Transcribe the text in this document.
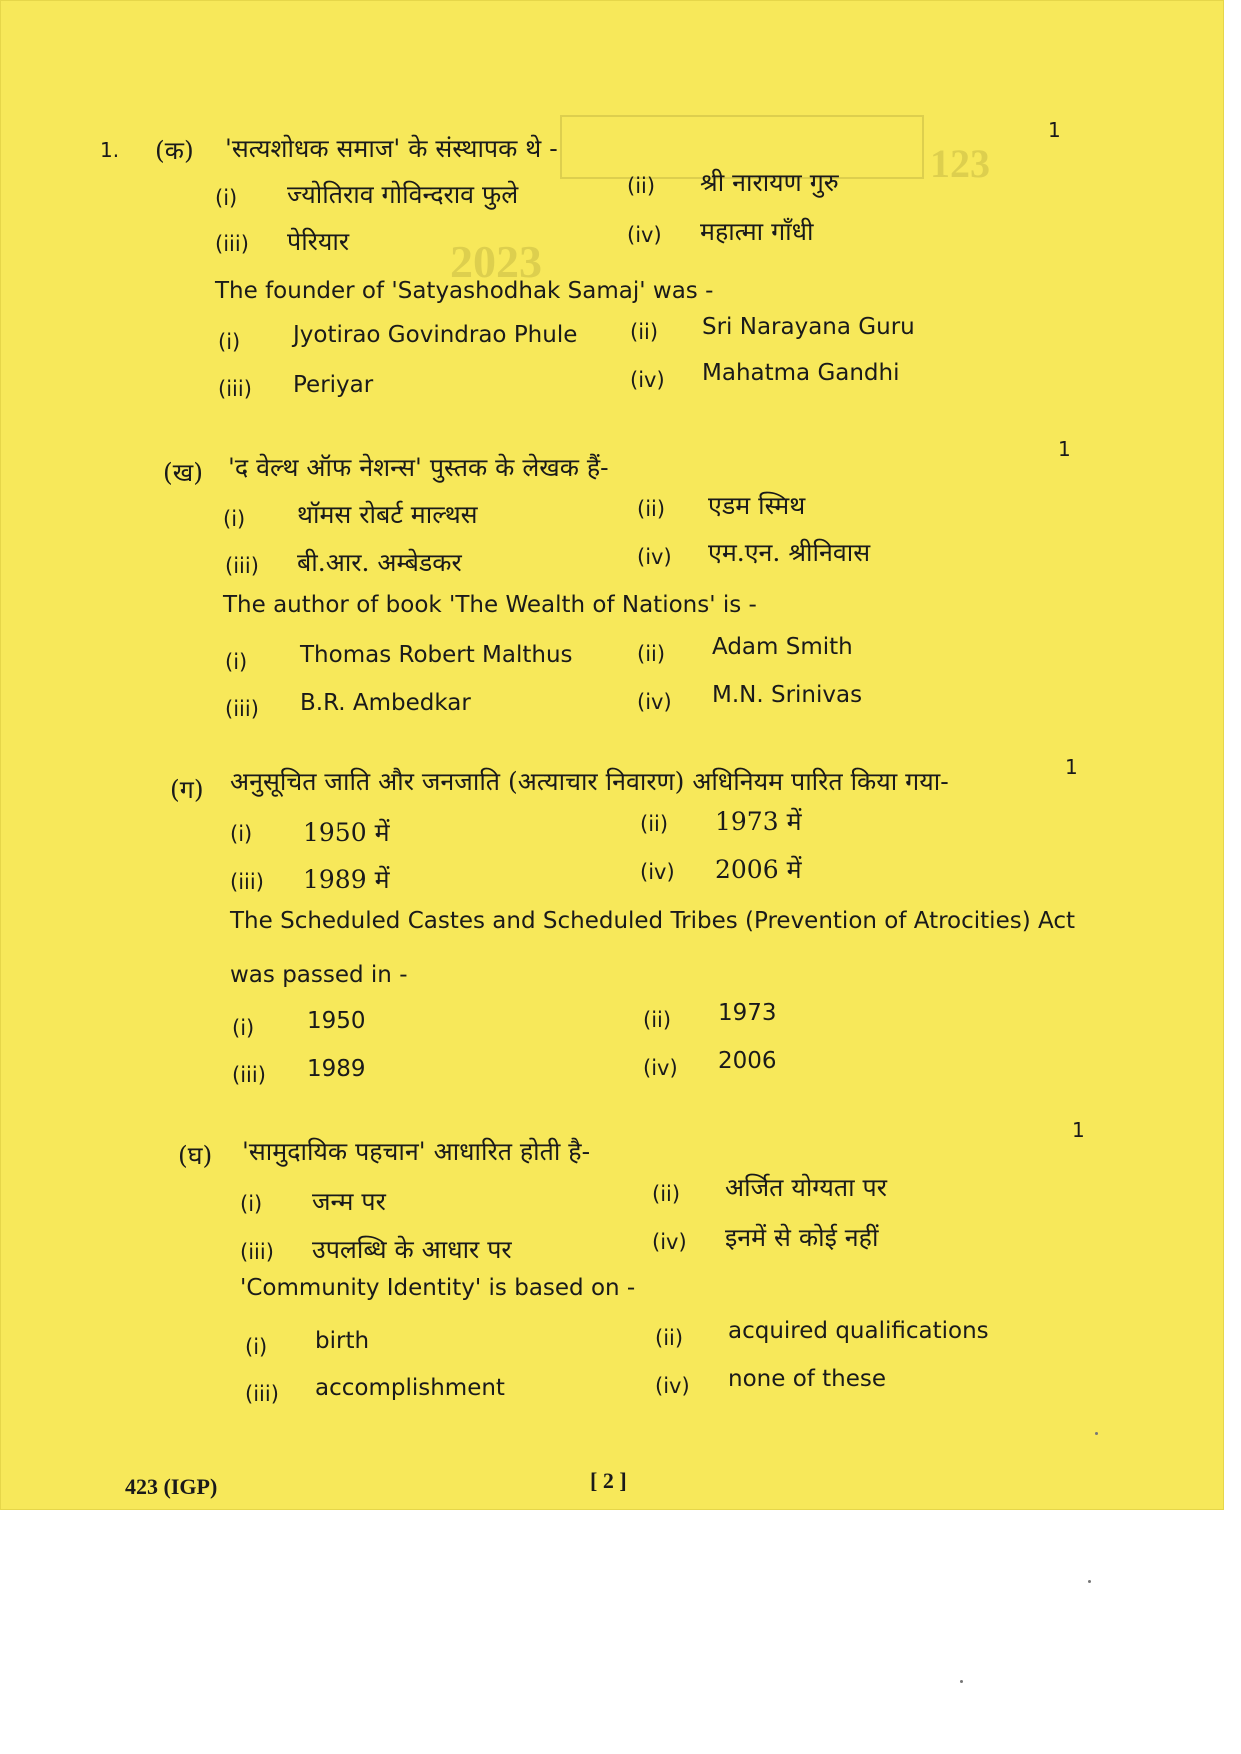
123
2023
1.
1
(क) 'सत्यशोधक समाज' के संस्थापक थे -
(i) ज्योतिराव गोविन्दराव फुले	(ii) श्री नारायण गुरु
(iii) पेरियार	(iv) महात्मा गाँधी
The founder of 'Satyashodhak Samaj' was -
(i) Jyotirao Govindrao Phule	(ii) Sri Narayana Guru
(iii) Periyar	(iv) Mahatma Gandhi
(ख) 'द वेल्थ ऑफ नेशन्स' पुस्तक के लेखक हैं-
1
(i) थॉमस रोबर्ट माल्थस	(ii) एडम स्मिथ
(iii) बी.आर. अम्बेडकर	(iv) एम.एन. श्रीनिवास
The author of book 'The Wealth of Nations' is -
(i) Thomas Robert Malthus	(ii) Adam Smith
(iii) B.R. Ambedkar	(iv) M.N. Srinivas
(ग) अनुसूचित जाति और जनजाति (अत्याचार निवारण) अधिनियम पारित किया गया-	1
(i) 1950 में	(ii) 1973 में
(iii) 1989 में	(iv) 2006 में
The Scheduled Castes and Scheduled Tribes (Prevention of Atrocities) Act
was passed in -
(i) 1950	(ii) 1973
(iii) 1989	(iv) 2006
(घ) 'सामुदायिक पहचान' आधारित होती है-
1
(i) जन्म पर	(ii) अर्जित योग्यता पर
(iii) उपलब्धि के आधार पर	(iv) इनमें से कोई नहीं
'Community Identity' is based on -
(i) birth	(ii) acquired qualifications
(iii) accomplishment	(iv) none of these
423 (IGP)	[ 2 ]
